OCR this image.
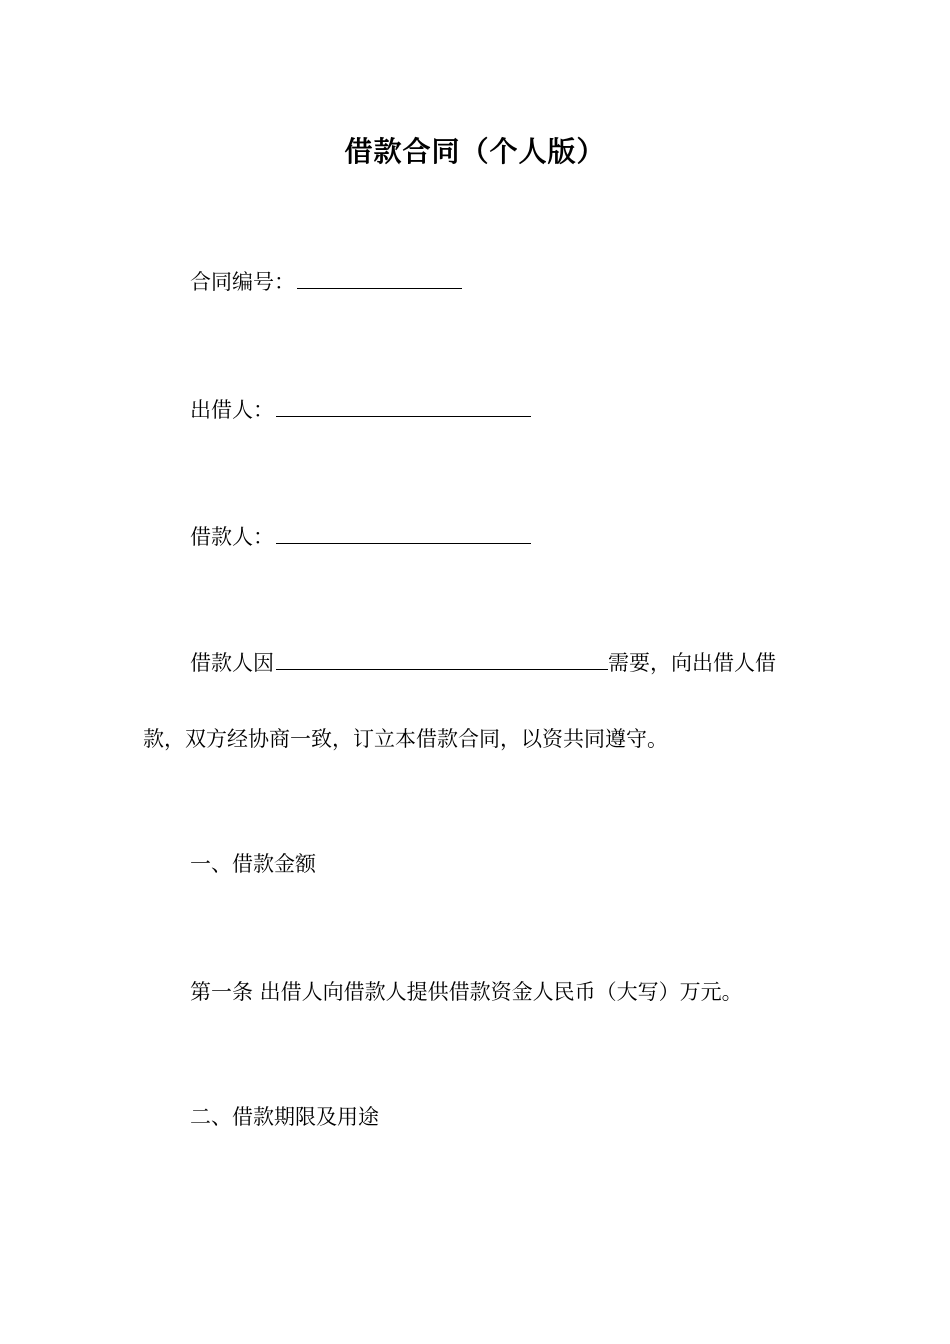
借款合同（个人版）
合同编号：
出借人：
借款人：
借款人因	需要，向出借人借
款，双方经协商一致，订立本借款合同，以资共同遵守。
一、借款金额
第一条 出借人向借款人提供借款资金人民币（大写）万元。
二、借款期限及用途
